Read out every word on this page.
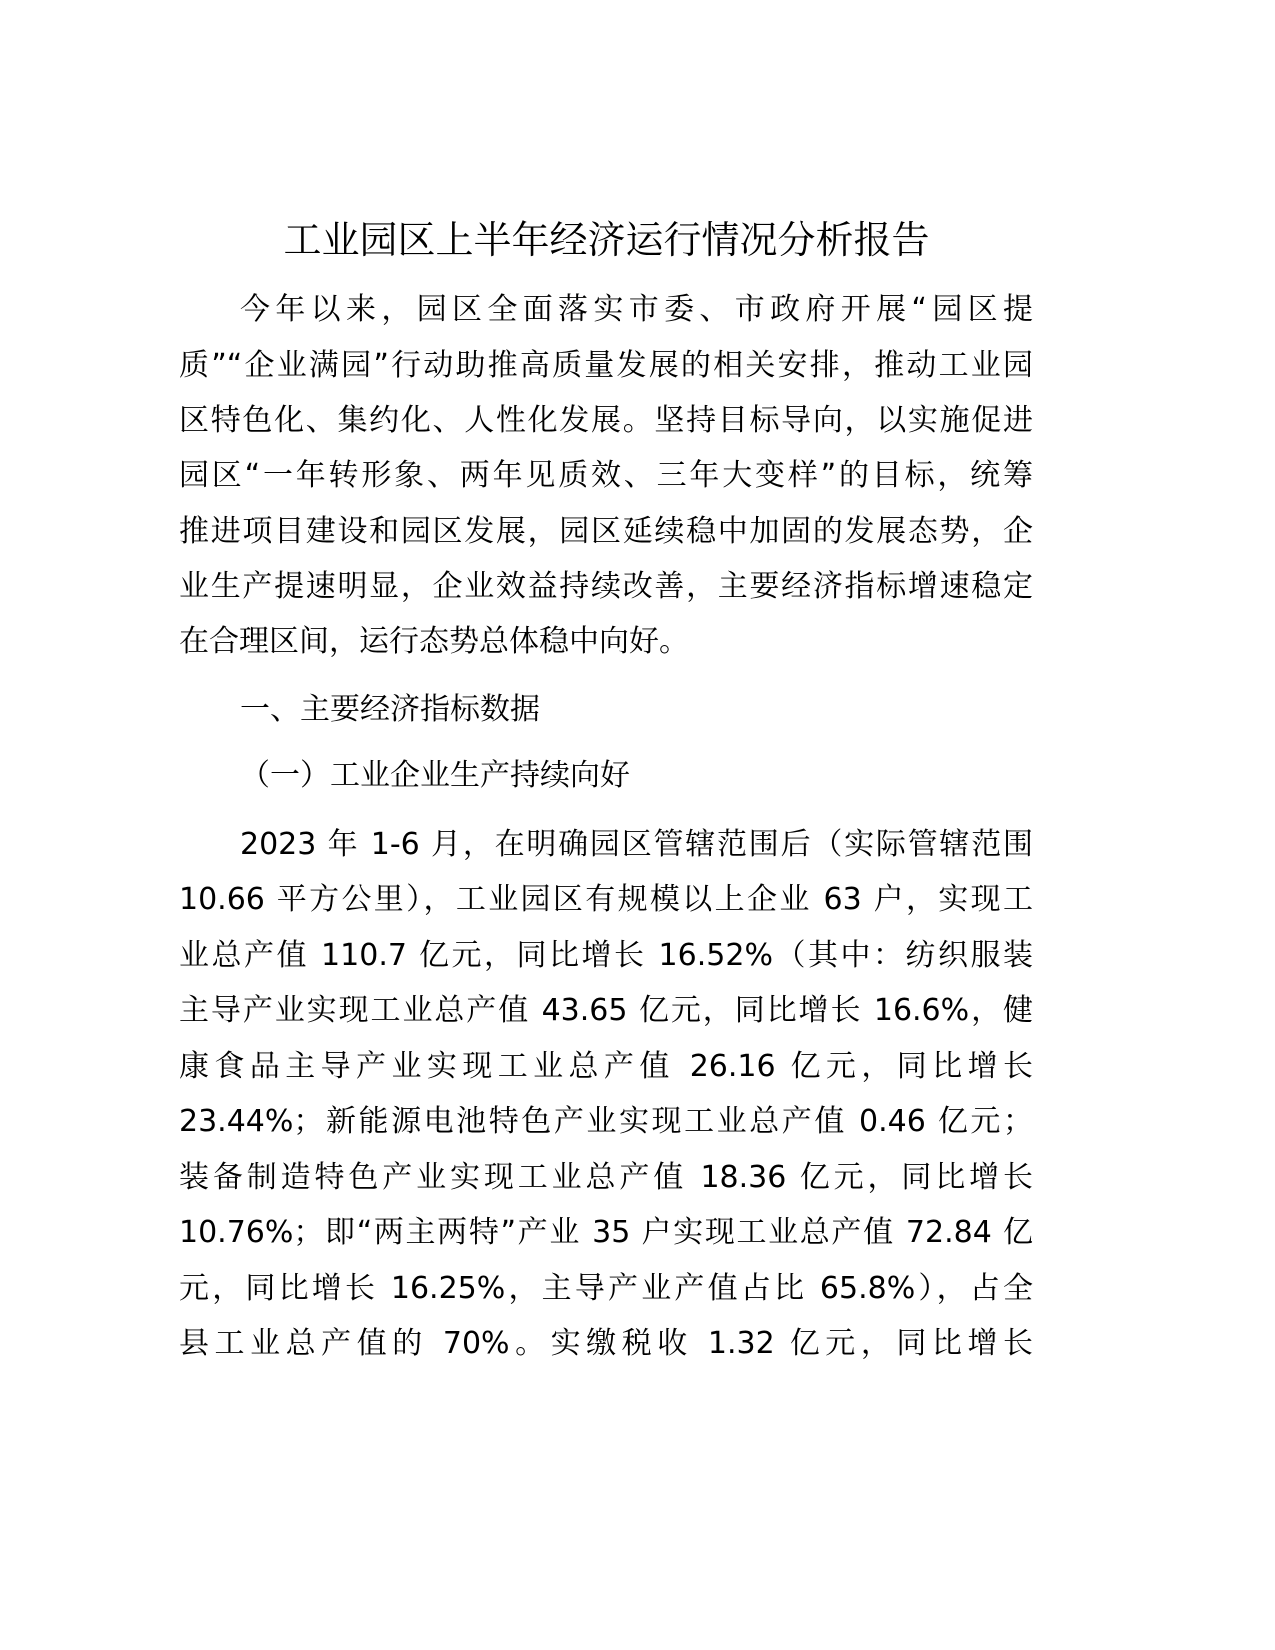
工业园区上半年经济运行情况分析报告
今年以来，园区全面落实市委、市政府开展“园区提
质”“企业满园”行动助推高质量发展的相关安排，推动工业园
区特色化、集约化、人性化发展。坚持目标导向，以实施促进
园区“一年转形象、两年见质效、三年大变样”的目标，统筹
推进项目建设和园区发展，园区延续稳中加固的发展态势，企
业生产提速明显，企业效益持续改善，主要经济指标增速稳定
在合理区间，运行态势总体稳中向好。
一、主要经济指标数据
（一）工业企业生产持续向好
2023 年 1-6 月，在明确园区管辖范围后（实际管辖范围
10.66 平方公里），工业园区有规模以上企业 63 户，实现工
业总产值 110.7 亿元，同比增长 16.52%（其中：纺织服装
主导产业实现工业总产值 43.65 亿元，同比增长 16.6%，健
康食品主导产业实现工业总产值 26.16 亿元，同比增长
23.44%；新能源电池特色产业实现工业总产值 0.46 亿元；
装备制造特色产业实现工业总产值 18.36 亿元，同比增长
10.76%；即“两主两特”产业 35 户实现工业总产值 72.84 亿
元，同比增长 16.25%，主导产业产值占比 65.8%），占全
县工业总产值的 70%。实缴税收 1.32 亿元，同比增长
